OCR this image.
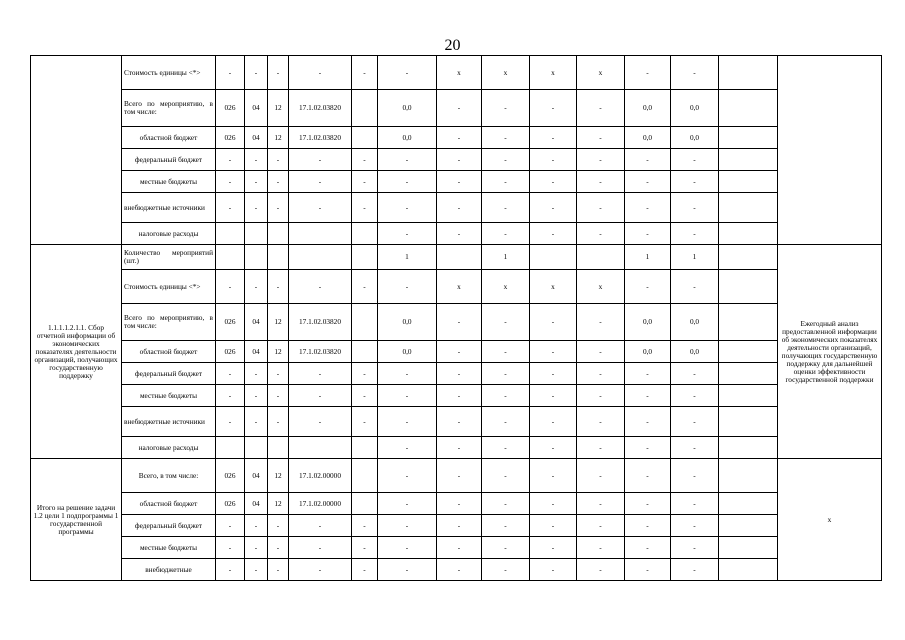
20
	Стоимость единицы <*>	-	-	-	-	-	-	x	x	x	x	-	-		
	Всего по мероприятию, в том числе:	026	04	12	17.1.02.03820		0,0	-	-	-	-	0,0	0,0		
	областной бюджет	026	04	12	17.1.02.03820		0,0	-	-	-	-	0,0	0,0		
	федеральный бюджет	-	-	-	-	-	-	-	-	-	-	-	-		
	местные бюджеты	-	-	-	-	-	-	-	-	-	-	-	-		
	внебюджетные источники	-	-	-	-	-	-	-	-	-	-	-	-		
	налоговые расходы						-	-	-	-	-	-	-		
1.1.1.1.2.1.1. Сбор отчетной информации об экономических показателях деятельности организаций, получающих государственную поддержку	Количество мероприятий (шт.)						1		1			1	1		Ежегодный анализ предоставленной информации об экономических показателях деятельности организаций, получающих государственную поддержку для дальнейшей оценки эффективности государственной поддержки
	Стоимость единицы <*>	-	-	-	-	-	-	x	x	x	x	-	-		
	Всего по мероприятию, в том числе:	026	04	12	17.1.02.03820		0,0	-	-	-	-	0,0	0,0		
	областной бюджет	026	04	12	17.1.02.03820		0,0	-	-	-	-	0,0	0,0		
	федеральный бюджет	-	-	-	-	-	-	-	-	-	-	-	-		
	местные бюджеты	-	-	-	-	-	-	-	-	-	-	-	-		
	внебюджетные источники	-	-	-	-	-	-	-	-	-	-	-	-		
	налоговые расходы						-	-	-	-	-	-	-		
Итого на решение задачи 1.2 цели 1 подпрограммы 1 государственной программы	Всего, в том числе:	026	04	12	17.1.02.00000		-	-	-	-	-	-	-		x
	областной бюджет	026	04	12	17.1.02.00000		-	-	-	-	-	-	-		
	федеральный бюджет	-	-	-	-	-	-	-	-	-	-	-	-		
	местные бюджеты	-	-	-	-	-	-	-	-	-	-	-	-		
	внебюджетные	-	-	-	-	-	-	-	-	-	-	-	-		
